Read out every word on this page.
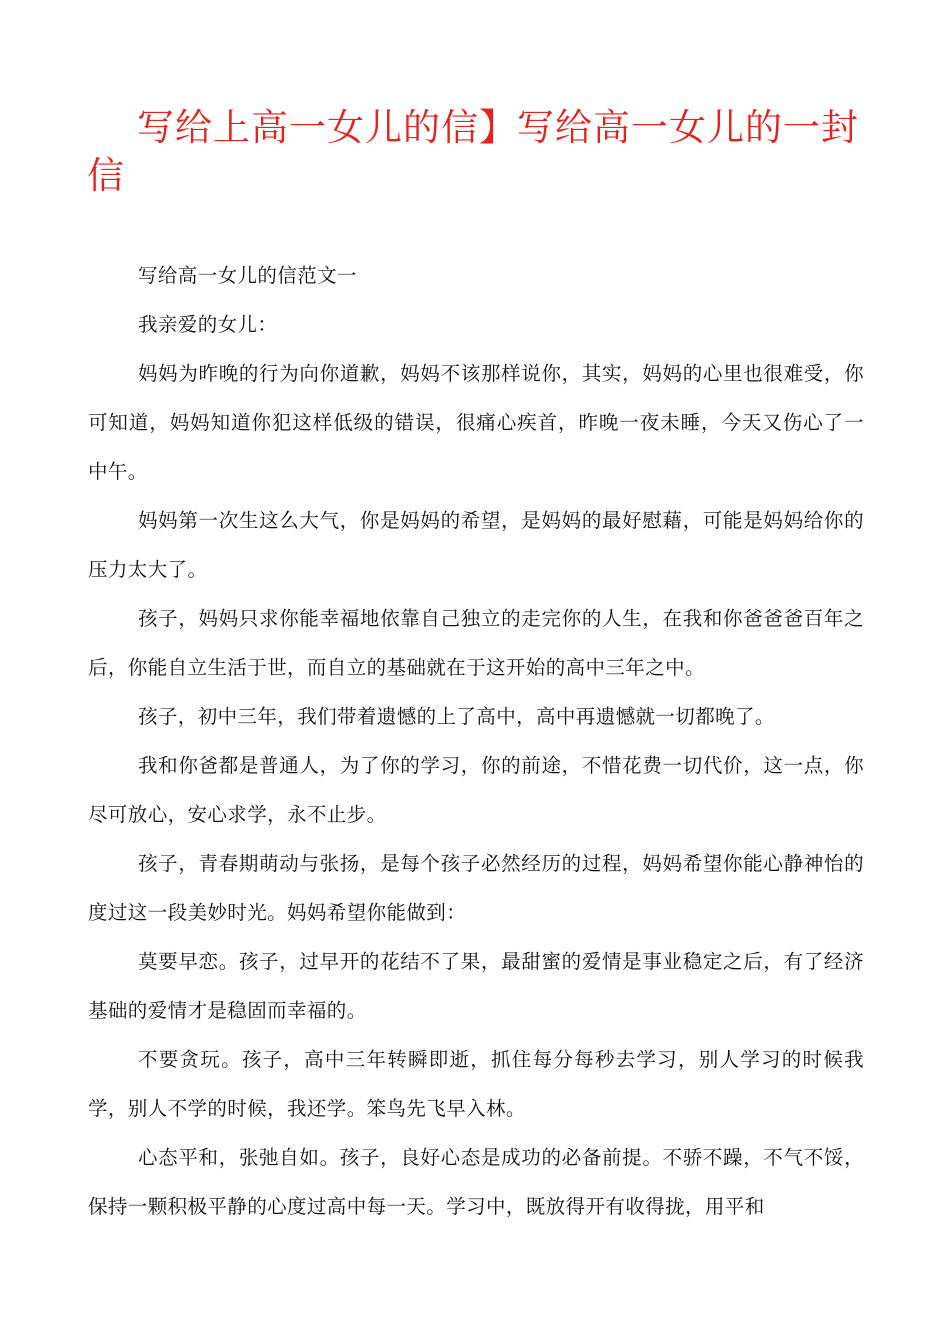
写给上高一女儿的信】写给高一女儿的一封信

写给高一女儿的信范文一

我亲爱的女儿：

妈妈为昨晚的行为向你道歉，妈妈不该那样说你，其实，妈妈的心里也很难受，你可知道，妈妈知道你犯这样低级的错误，很痛心疾首，昨晚一夜未睡，今天又伤心了一中午。

妈妈第一次生这么大气，你是妈妈的希望，是妈妈的最好慰藉，可能是妈妈给你的压力太大了。

孩子，妈妈只求你能幸福地依靠自己独立的走完你的人生，在我和你爸爸爸百年之后，你能自立生活于世，而自立的基础就在于这开始的高中三年之中。

孩子，初中三年，我们带着遗憾的上了高中，高中再遗憾就一切都晚了。

我和你爸都是普通人，为了你的学习，你的前途，不惜花费一切代价，这一点，你尽可放心，安心求学，永不止步。

孩子，青春期萌动与张扬，是每个孩子必然经历的过程，妈妈希望你能心静神怡的度过这一段美妙时光。妈妈希望你能做到：

莫要早恋。孩子，过早开的花结不了果，最甜蜜的爱情是事业稳定之后，有了经济基础的爱情才是稳固而幸福的。

不要贪玩。孩子，高中三年转瞬即逝，抓住每分每秒去学习，别人学习的时候我学，别人不学的时候，我还学。笨鸟先飞早入林。

心态平和，张弛自如。孩子，良好心态是成功的必备前提。不骄不躁，不气不馁，保持一颗积极平静的心度过高中每一天。学习中，既放得开有收得拢，用平和
